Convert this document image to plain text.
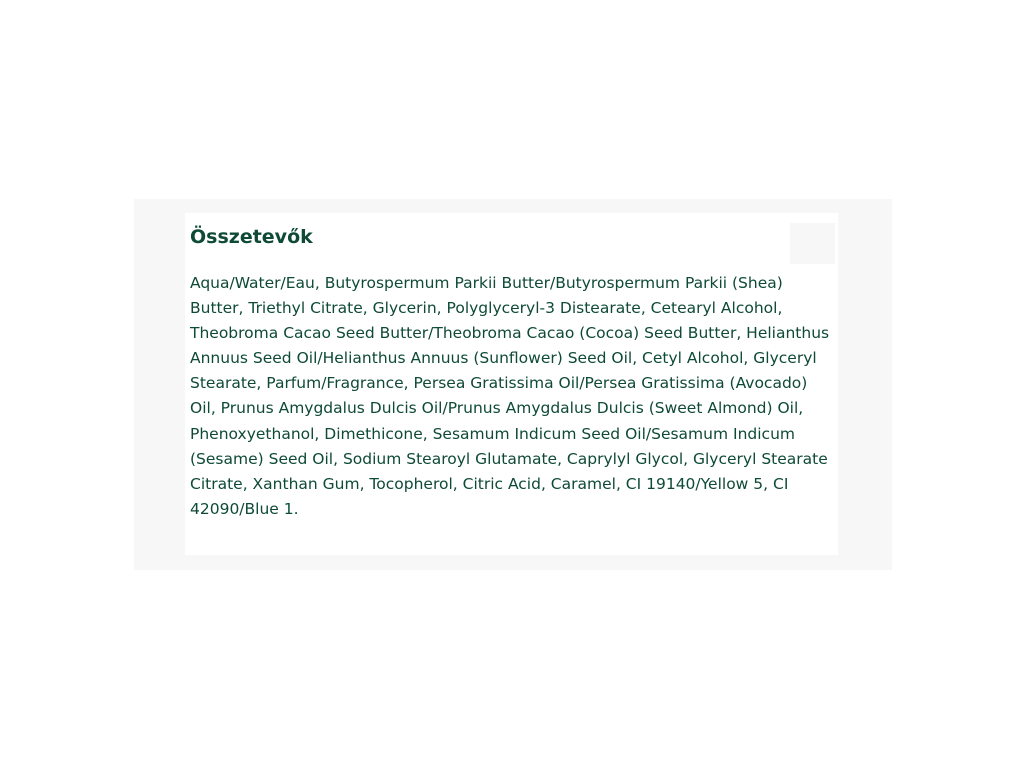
Összetevők

Aqua/Water/Eau, Butyrospermum Parkii Butter/Butyrospermum Parkii (Shea) Butter, Triethyl Citrate, Glycerin, Polyglyceryl-3 Distearate, Cetearyl Alcohol, Theobroma Cacao Seed Butter/Theobroma Cacao (Cocoa) Seed Butter, Helianthus Annuus Seed Oil/Helianthus Annuus (Sunflower) Seed Oil, Cetyl Alcohol, Glyceryl Stearate, Parfum/Fragrance, Persea Gratissima Oil/Persea Gratissima (Avocado) Oil, Prunus Amygdalus Dulcis Oil/Prunus Amygdalus Dulcis (Sweet Almond) Oil, Phenoxyethanol, Dimethicone, Sesamum Indicum Seed Oil/Sesamum Indicum (Sesame) Seed Oil, Sodium Stearoyl Glutamate, Caprylyl Glycol, Glyceryl Stearate Citrate, Xanthan Gum, Tocopherol, Citric Acid, Caramel, CI 19140/Yellow 5, CI 42090/Blue 1.
